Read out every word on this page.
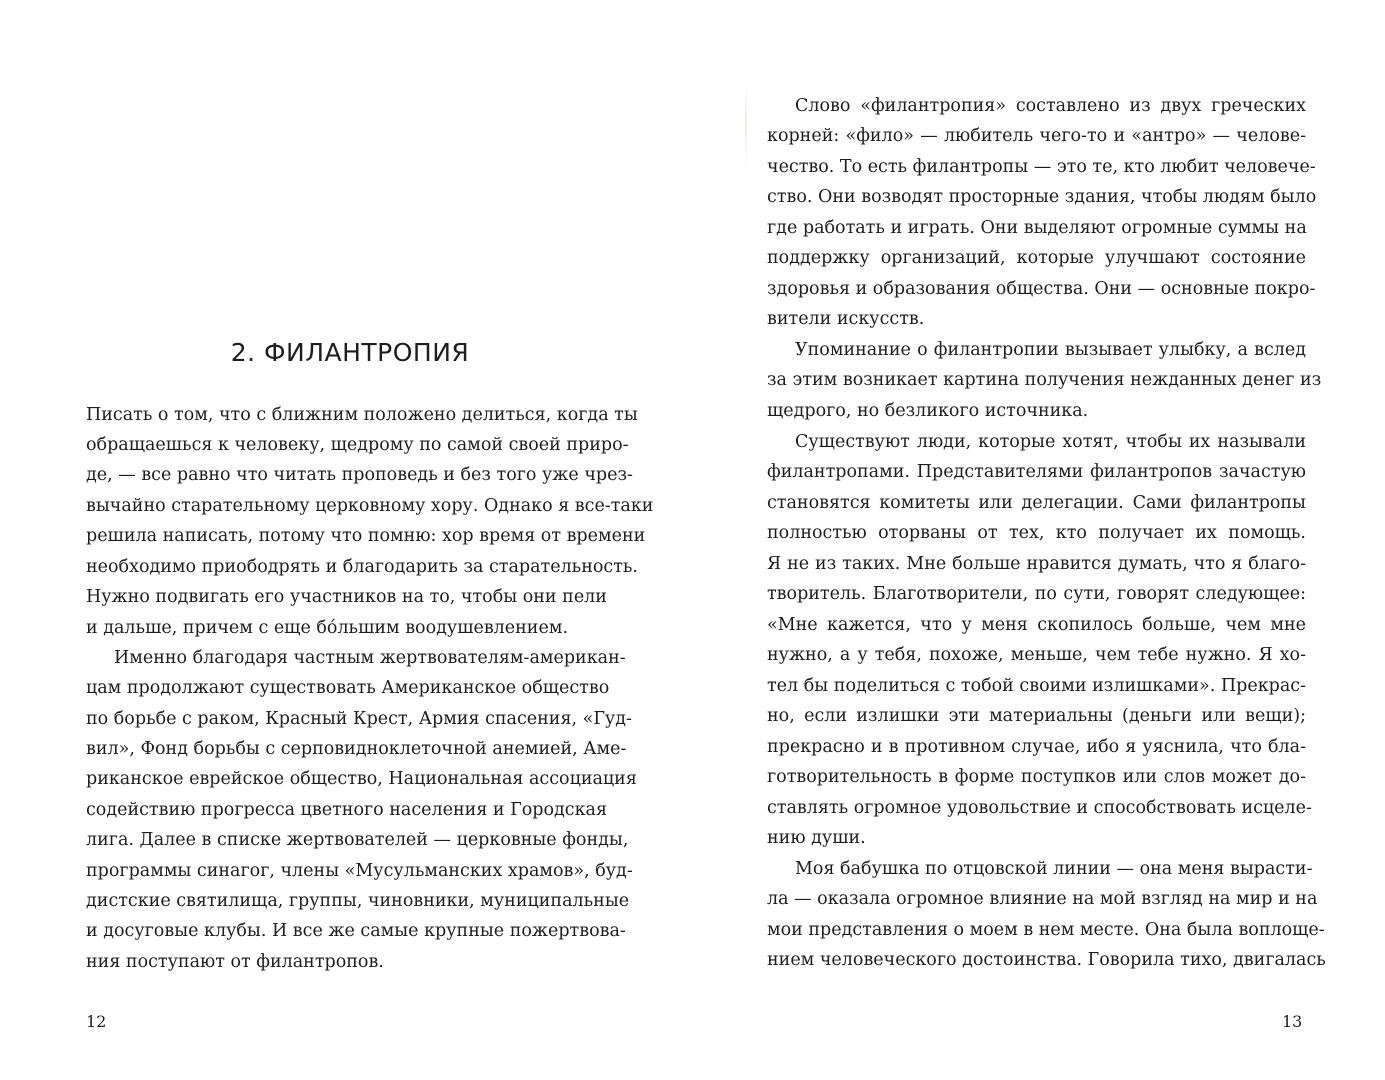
2. ФИЛАНТРОПИЯ

Писать о том, что с ближним положено делиться, когда ты

обращаешься к человеку, щедрому по самой своей приро-

де, — все равно что читать проповедь и без того уже чрез-

вычайно старательному церковному хору. Однако я все-таки

решила написать, потому что помню: хор время от времени

необходимо приободрять и благодарить за старательность.

Нужно подвигать его участников на то, чтобы они пели

и дальше, причем с еще бóльшим воодушевлением.

Именно благодаря частным жертвователям-американ-

цам продолжают существовать Американское общество

по борьбе с раком, Красный Крест, Армия спасения, «Гуд-

вил», Фонд борьбы с серповидноклеточной анемией, Аме-

риканское еврейское общество, Национальная ассоциация

содействию прогресса цветного населения и Городская

лига. Далее в списке жертвователей — церковные фонды,

программы синагог, члены «Мусульманских храмов», буд-

дистские святилища, группы, чиновники, муниципальные

и досуговые клубы. И все же самые крупные пожертвова-

ния поступают от филантропов.

12

Слово «филантропия» составлено из двух греческих

корней: «фило» — любитель чего-то и «антро» — челове-

чество. То есть филантропы — это те, кто любит человече-

ство. Они возводят просторные здания, чтобы людям было

где работать и играть. Они выделяют огромные суммы на

поддержку организаций, которые улучшают состояние

здоровья и образования общества. Они — основные покро-

вители искусств.

Упоминание о филантропии вызывает улыбку, а вслед

за этим возникает картина получения нежданных денег из

щедрого, но безликого источника.

Существуют люди, которые хотят, чтобы их называли

филантропами. Представителями филантропов зачастую

становятся комитеты или делегации. Сами филантропы

полностью оторваны от тех, кто получает их помощь.

Я не из таких. Мне больше нравится думать, что я благо-

творитель. Благотворители, по сути, говорят следующее:

«Мне кажется, что у меня скопилось больше, чем мне

нужно, а у тебя, похоже, меньше, чем тебе нужно. Я хо-

тел бы поделиться с тобой своими излишками». Прекрас-

но, если излишки эти материальны (деньги или вещи);

прекрасно и в противном случае, ибо я уяснила, что бла-

готворительность в форме поступков или слов может до-

ставлять огромное удовольствие и способствовать исцеле-

нию души.

Моя бабушка по отцовской линии — она меня вырасти-

ла — оказала огромное влияние на мой взгляд на мир и на

мои представления о моем в нем месте. Она была воплоще-

нием человеческого достоинства. Говорила тихо, двигалась

13
